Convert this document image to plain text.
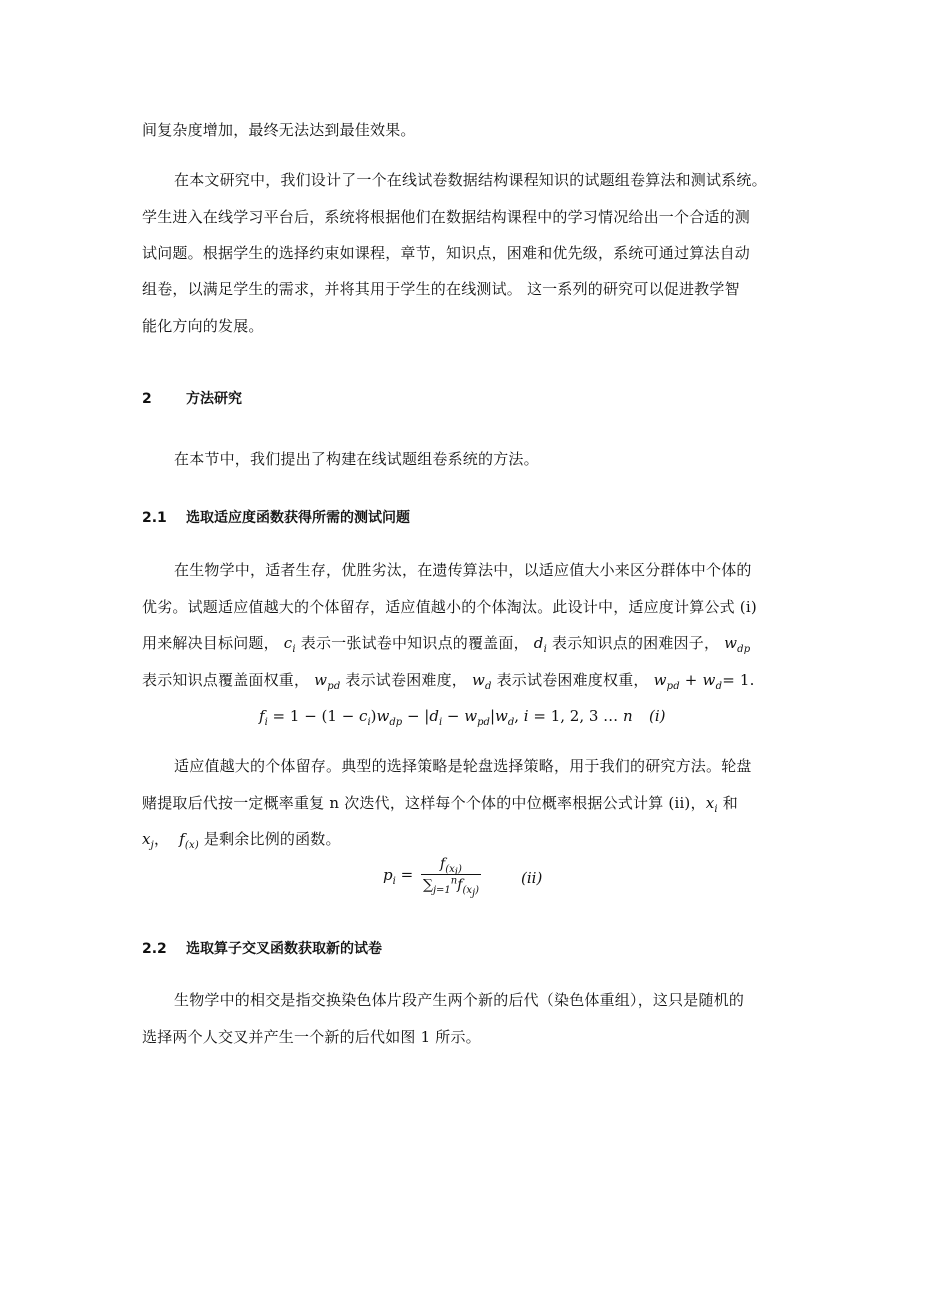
间复杂度增加，最终无法达到最佳效果。
在本文研究中，我们设计了一个在线试卷数据结构课程知识的试题组卷算法和测试系统。
学生进入在线学习平台后，系统将根据他们在数据结构课程中的学习情况给出一个合适的测
试问题。根据学生的选择约束如课程，章节，知识点，困难和优先级，系统可通过算法自动
组卷，以满足学生的需求，并将其用于学生的在线测试。 这一系列的研究可以促进教学智
能化方向的发展。
2 方法研究
在本节中，我们提出了构建在线试题组卷系统的方法。
2.1 选取适应度函数获得所需的测试问题
在生物学中，适者生存，优胜劣汰，在遗传算法中，以适应值大小来区分群体中个体的
优劣。试题适应值越大的个体留存，适应值越小的个体淘汰。此设计中，适应度计算公式 (i)
用来解决目标问题， $c_i$ 表示一张试卷中知识点的覆盖面， $d_i$ 表示知识点的困难因子， $w_{dp}$
表示知识点覆盖面权重， $w_{pd}$ 表示试卷困难度， $w_d$ 表示试卷困难度权重， $w_{pd} + w_d= 1$.
$f_i = 1 - (1 - c_i)w_{dp} - |d_i - w_{pd}|w_d$, i = 1, 2, 3 … n (i)
适应值越大的个体留存。典型的选择策略是轮盘选择策略，用于我们的研究方法。轮盘
赌提取后代按一定概率重复 n 次迭代，这样每个个体的中位概率根据公式计算 (ii)，$x_i$ 和
$x_j$，  $f_{(x)}$ 是剩余比例的函数。
$p_i = \frac{f_{(x_i)}}{\sum_{j=1}^nf_{(x_j)}}$	(ii)
2.2 选取算子交叉函数获取新的试卷
生物学中的相交是指交换染色体片段产生两个新的后代（染色体重组），这只是随机的
选择两个人交叉并产生一个新的后代如图 1 所示。
